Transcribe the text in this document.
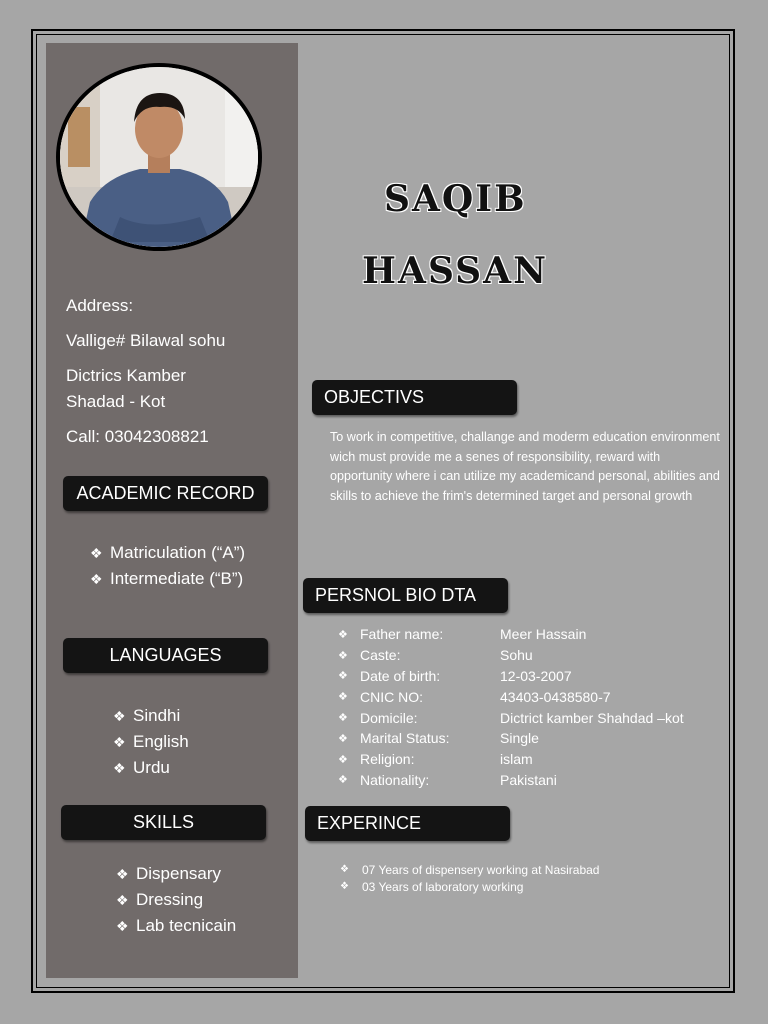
Address:
Vallige# Bilawal sohu
Dictrics Kamber
Shadad - Kot
Call: 03042308821
ACADEMIC RECORD
❖ Matriculation (“A”)
❖ Intermediate (“B”)
LANGUAGES
❖ Sindhi
❖ English
❖ Urdu
SKILLS
❖ Dispensary
❖ Dressing
❖ Lab tecnicain
SAQIB
HASSAN
OBJECTIVS
To work in competitive, challange and moderm education environment wich must provide me a senes of responsibility, reward with opportunity where i can utilize my academicand personal, abilities and skills to achieve the frim's determined target and personal growth
PERSNOL BIO DTA
❖ Father name:	Meer Hassain
❖ Caste:	Sohu
❖ Date of birth:	12-03-2007
❖ CNIC NO:	43403-0438580-7
❖ Domicile:	Dictrict kamber Shahdad –kot
❖ Marital Status:	Single
❖ Religion:	islam
❖ Nationality:	Pakistani
EXPERINCE
❖	07 Years of dispensery working at Nasirabad
❖	03 Years of laboratory working
